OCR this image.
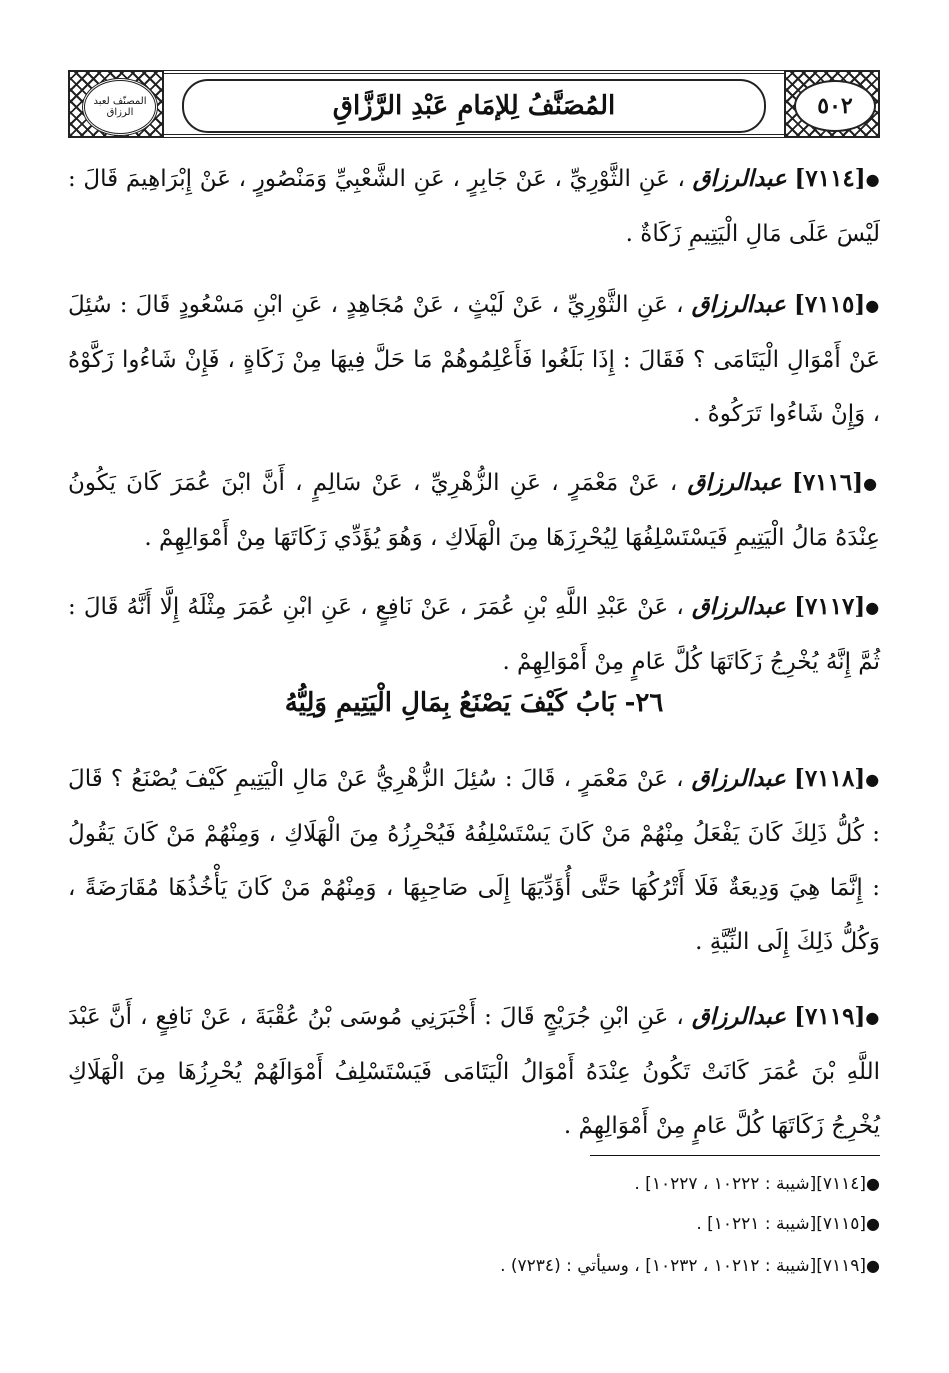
المصنّف لعبد الرزاق	المُصَنَّفُ لِلإمَامِ عَبْدِ الرَّزَّاقِ	٥٠٢
●[٧١١٤] عبدالرزاق ، عَنِ الثَّوْرِيِّ ، عَنْ جَابِرٍ ، عَنِ الشَّعْبِيِّ وَمَنْصُورٍ ، عَنْ إِبْرَاهِيمَ قَالَ : لَيْسَ عَلَى مَالِ الْيَتِيمِ زَكَاةٌ .
●[٧١١٥] عبدالرزاق ، عَنِ الثَّوْرِيِّ ، عَنْ لَيْثٍ ، عَنْ مُجَاهِدٍ ، عَنِ ابْنِ مَسْعُودٍ قَالَ : سُئِلَ عَنْ أَمْوَالِ الْيَتَامَى ؟ فَقَالَ : إِذَا بَلَغُوا فَأَعْلِمُوهُمْ مَا حَلَّ فِيهَا مِنْ زَكَاةٍ ، فَإِنْ شَاءُوا زَكَّوْهُ ، وَإِنْ شَاءُوا تَرَكُوهُ .
●[٧١١٦] عبدالرزاق ، عَنْ مَعْمَرٍ ، عَنِ الزُّهْرِيِّ ، عَنْ سَالِمٍ ، أَنَّ ابْنَ عُمَرَ كَانَ يَكُونُ عِنْدَهُ مَالُ الْيَتِيمِ فَيَسْتَسْلِفُهَا لِيُحْرِزَهَا مِنَ الْهَلَاكِ ، وَهُوَ يُؤَدِّي زَكَاتَهَا مِنْ أَمْوَالِهِمْ .
●[٧١١٧] عبدالرزاق ، عَنْ عَبْدِ اللَّهِ بْنِ عُمَرَ ، عَنْ نَافِعٍ ، عَنِ ابْنِ عُمَرَ مِثْلَهُ إِلَّا أَنَّهُ قَالَ : ثُمَّ إِنَّهُ يُخْرِجُ زَكَاتَهَا كُلَّ عَامٍ مِنْ أَمْوَالِهِمْ .
٢٦- بَابُ كَيْفَ يَصْنَعُ بِمَالِ الْيَتِيمِ وَلِيُّهُ
●[٧١١٨] عبدالرزاق ، عَنْ مَعْمَرٍ ، قَالَ : سُئِلَ الزُّهْرِيُّ عَنْ مَالِ الْيَتِيمِ كَيْفَ يُصْنَعُ ؟ قَالَ : كُلُّ ذَلِكَ كَانَ يَفْعَلُ مِنْهُمْ مَنْ كَانَ يَسْتَسْلِفُهُ فَيُحْرِزُهُ مِنَ الْهَلَاكِ ، وَمِنْهُمْ مَنْ كَانَ يَقُولُ : إِنَّمَا هِيَ وَدِيعَةٌ فَلَا أَتْرُكُهَا حَتَّى أُؤَدِّيَهَا إِلَى صَاحِبِهَا ، وَمِنْهُمْ مَنْ كَانَ يَأْخُذُهَا مُقَارَضَةً ، وَكُلُّ ذَلِكَ إِلَى النِّيَّةِ .
●[٧١١٩] عبدالرزاق ، عَنِ ابْنِ جُرَيْجٍ قَالَ : أَخْبَرَنِي مُوسَى بْنُ عُقْبَةَ ، عَنْ نَافِعٍ ، أَنَّ عَبْدَ اللَّهِ بْنَ عُمَرَ كَانَتْ تَكُونُ عِنْدَهُ أَمْوَالُ الْيَتَامَى فَيَسْتَسْلِفُ أَمْوَالَهُمْ يُحْرِزُهَا مِنَ الْهَلَاكِ يُخْرِجُ زَكَاتَهَا كُلَّ عَامٍ مِنْ أَمْوَالِهِمْ .
●[٧١١٤][شيبة : ١٠٢٢٢ ، ١٠٢٢٧] .
●[٧١١٥][شيبة : ١٠٢٢١] .
●[٧١١٩][شيبة : ١٠٢١٢ ، ١٠٢٣٢] ، وسيأتي : (٧٢٣٤) .
